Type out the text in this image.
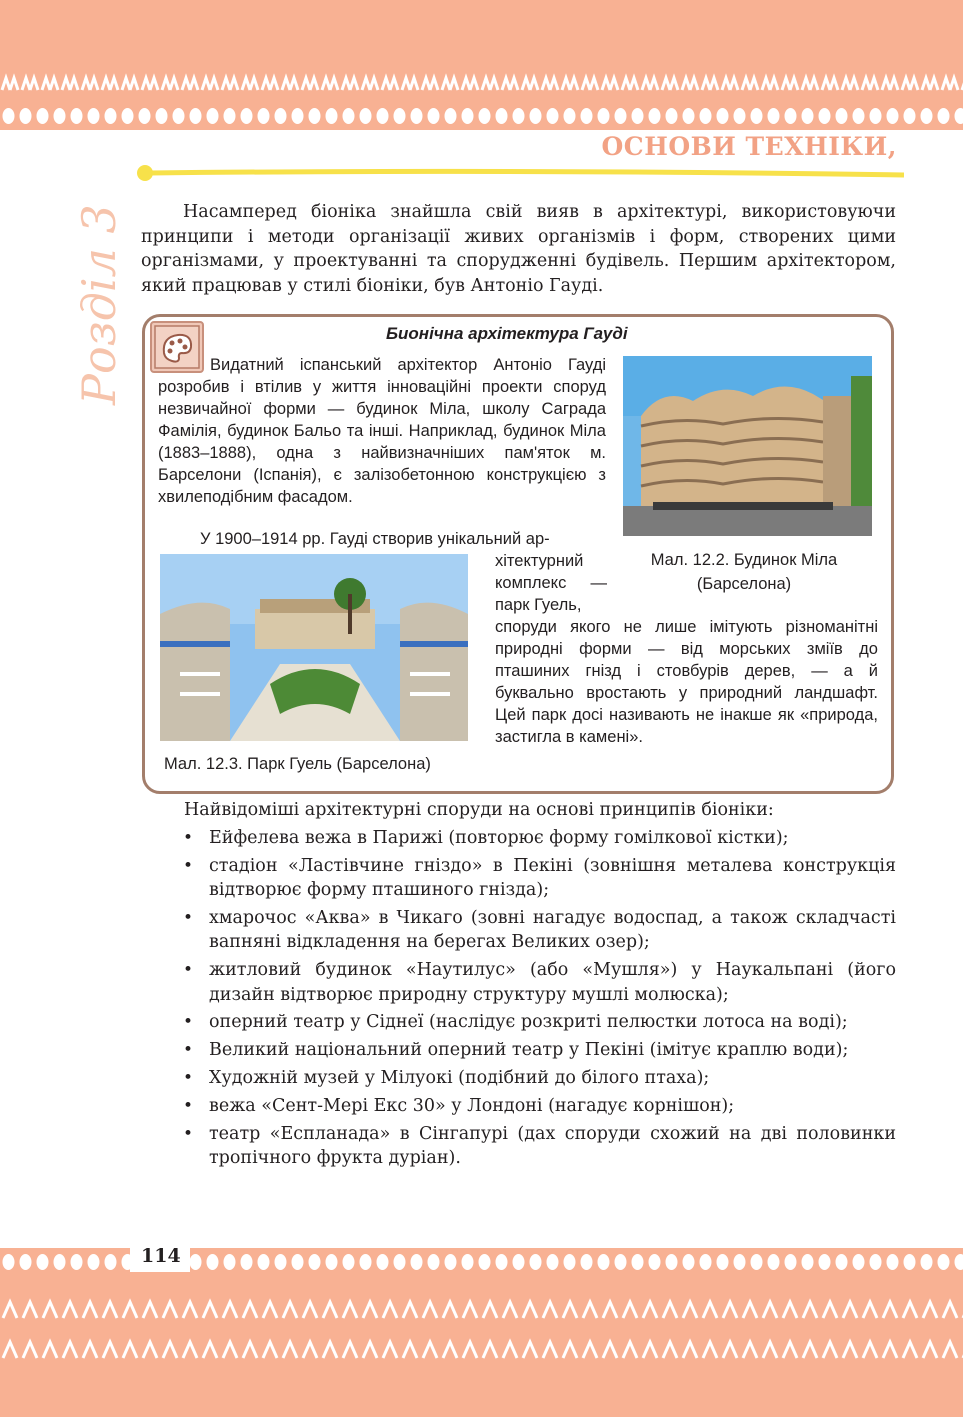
ОСНОВИ ТЕХНІКИ,
Розділ 3	Насамперед біоніка знайшла свій вияв в архітектурі, використовуючи принципи і методи організації живих організмів і форм, створених цими організмами, у проектуванні та спорудженні будівель. Першим архітектором, який працював у стилі біоніки, був Антоніо Гауді.

Бионічна архітектура Гауді

Видатний іспанський архітектор Антоніо Гауді розробив і втілив у життя інноваційні проекти споруд незвичайної форми — будинок Міла, школу Саграда Фамілія, будинок Бальо та інші. Наприклад, будинок Міла (1883–1888), одна з найвизначніших пам'яток м. Барселони (Іспанія), є залізобетонною конструкцією з хвилеподібним фасадом.

Мал. 12.2. Будинок Міла (Барселона)

У 1900–1914 рр. Гауді створив унікальний ар-

хітектурний комплекс — парк Гуель,

Мал. 12.3. Парк Гуель (Барселона)

споруди якого не лише імітують різноманітні природні форми — від морських зміїв до пташиних гнізд і стовбурів дерев, — а й буквально вростають у природний ландшафт. Цей парк досі називають не інакше як «природа, застигла в камені».

Найвідоміші архітектурні споруди на основі принципів біоніки:

• Ейфелева вежа в Парижі (повторює форму гомілкової кістки);
• стадіон «Ластівчине гніздо» в Пекіні (зовнішня металева конструкція відтворює форму пташиного гнізда);
• хмарочос «Аква» в Чикаго (зовні нагадує водоспад, а також складчасті вапняні відкладення на берегах Великих озер);
• житловий будинок «Наутилус» (або «Мушля») у Наукальпані (його дизайн відтворює природну структуру мушлі молюска);
• оперний театр у Сіднеї (наслідує розкриті пелюстки лотоса на воді);
• Великий національний оперний театр у Пекіні (імітує краплю води);
• Художній музей у Мілуокі (подібний до білого птаха);
• вежа «Сент-Мері Екс 30» у Лондоні (нагадує корнішон);
• театр «Еспланада» в Сінгапурі (дах споруди схожий на дві половинки тропічного фрукта дуріан).
114
